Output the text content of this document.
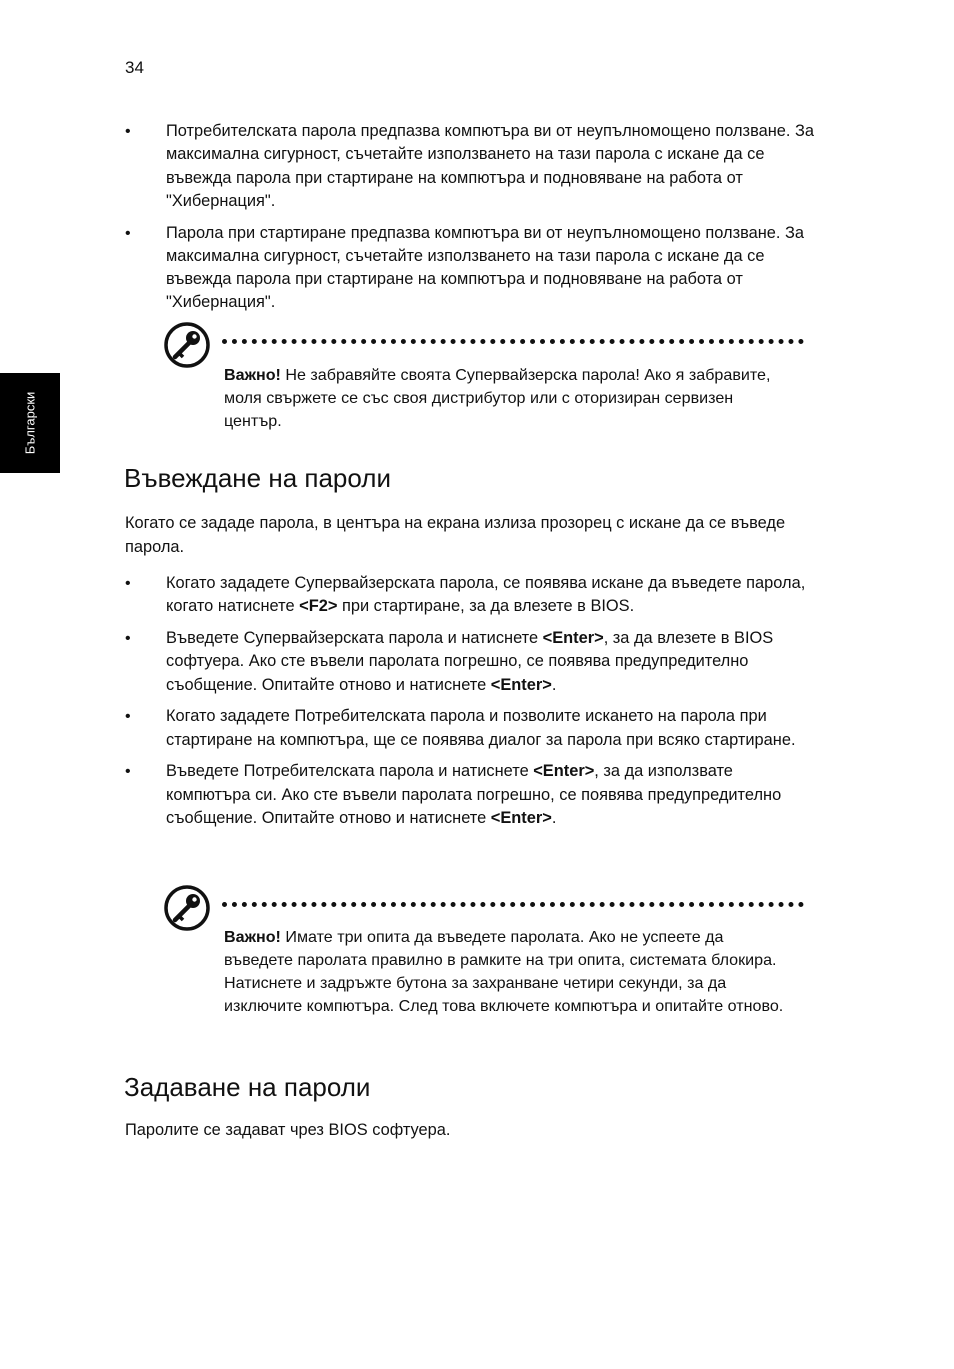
34
Български
• Потребителската парола предпазва компютъра ви от неупълномощено ползване. За максимална сигурност, съчетайте използването на тази парола с искане да се въвежда парола при стартиране на компютъра и подновяване на работа от "Хибернация".
• Парола при стартиране предпазва компютъра ви от неупълномощено ползване. За максимална сигурност, съчетайте използването на тази парола с искане да се въвежда парола при стартиране на компютъра и подновяване на работа от "Хибернация".
Важно! Не забравяйте своята Супервайзерска парола! Ако я забравите, моля свържете се със своя дистрибутор или с оторизиран сервизен център.
Въвеждане на пароли

Когато се зададе парола, в центъра на екрана излиза прозорец с искане да се въведе парола.

• Когато зададете Супервайзерската парола, се появява искане да въведете парола, когато натиснете <F2> при стартиране, за да влезете в BIOS.
• Въведете Супервайзерската парола и натиснете <Enter>, за да влезете в BIOS софтуера. Ако сте въвели паролата погрешно, се появява предупредително съобщение. Опитайте отново и натиснете <Enter>.
• Когато зададете Потребителската парола и позволите искането на парола при стартиране на компютъра, ще се появява диалог за парола при всяко стартиране.
• Въведете Потребителската парола и натиснете <Enter>, за да използвате компютъра си. Ако сте въвели паролата погрешно, се появява предупредително съобщение. Опитайте отново и натиснете <Enter>.
Важно! Имате три опита да въведете паролата. Ако не успеете да въведете паролата правилно в рамките на три опита, системата блокира. Натиснете и задръжте бутона за захранване четири секунди, за да изключите компютъра. След това включете компютъра и опитайте отново.
Задаване на пароли

Паролите се задават чрез BIOS софтуера.
